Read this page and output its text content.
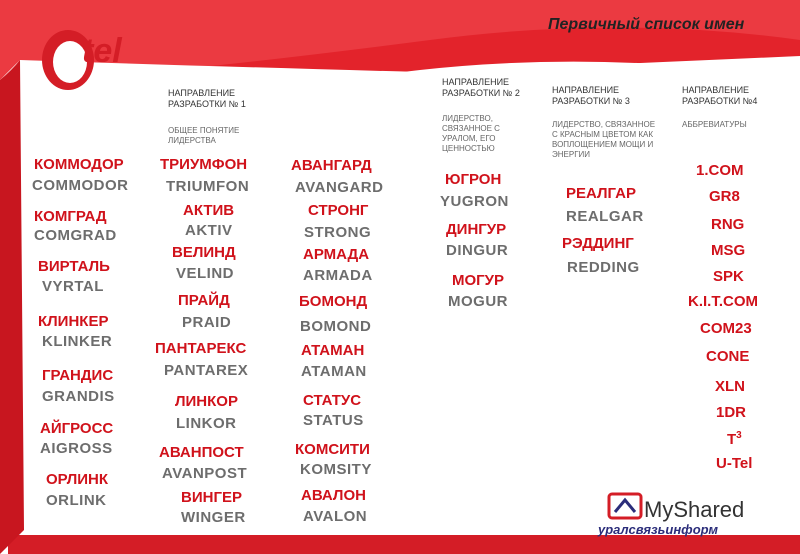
Первичный список имен
tel
НАПРАВЛЕНИЕ РАЗРАБОТКИ № 1
ОБЩЕЕ ПОНЯТИЕ ЛИДЕРСТВА
НАПРАВЛЕНИЕ РАЗРАБОТКИ № 2
ЛИДЕРСТВО, СВЯЗАННОЕ С УРАЛОМ, ЕГО ЦЕННОСТЬЮ
НАПРАВЛЕНИЕ РАЗРАБОТКИ № 3
ЛИДЕРСТВО, СВЯЗАННОЕ С КРАСНЫМ ЦВЕТОМ КАК ВОПЛОЩЕНИЕМ МОЩИ И ЭНЕРГИИ
НАПРАВЛЕНИЕ РАЗРАБОТКИ №4
АББРЕВИАТУРЫ
КОММОДОР
COMMODOR
КОМГРАД
COMGRAD
ВИРТАЛЬ
VYRTAL
КЛИНКЕР
KLINKER
ГРАНДИС
GRANDIS
АЙГРОСС
AIGROSS
ОРЛИНК
ORLINK
ТРИУМФОН
TRIUMFON
АКТИВ
AKTIV
ВЕЛИНД
VELIND
ПРАЙД
PRAID
ПАНТАРЕКС
PANTAREX
ЛИНКОР
LINKOR
АВАНПОСТ
AVANPOST
ВИНГЕР
WINGER
АВАНГАРД
AVANGARD
СТРОНГ
STRONG
АРМАДА
ARMADA
БОМОНД
BOMOND
АТАМАН
ATAMAN
СТАТУС
STATUS
КОМСИТИ
KOMSITY
АВАЛОН
AVALON
ЮГРОН
YUGRON
ДИНГУР
DINGUR
МОГУР
MOGUR
РЕАЛГАР
REALGAR
РЭДДИНГ
REDDING
1.COM
GR8
RNG
MSG
SPK
K.I.T.COM
COM23
CONE
XLN
1DR
$T^3$
U-Tel
MyShared
уралсвязьинформ
